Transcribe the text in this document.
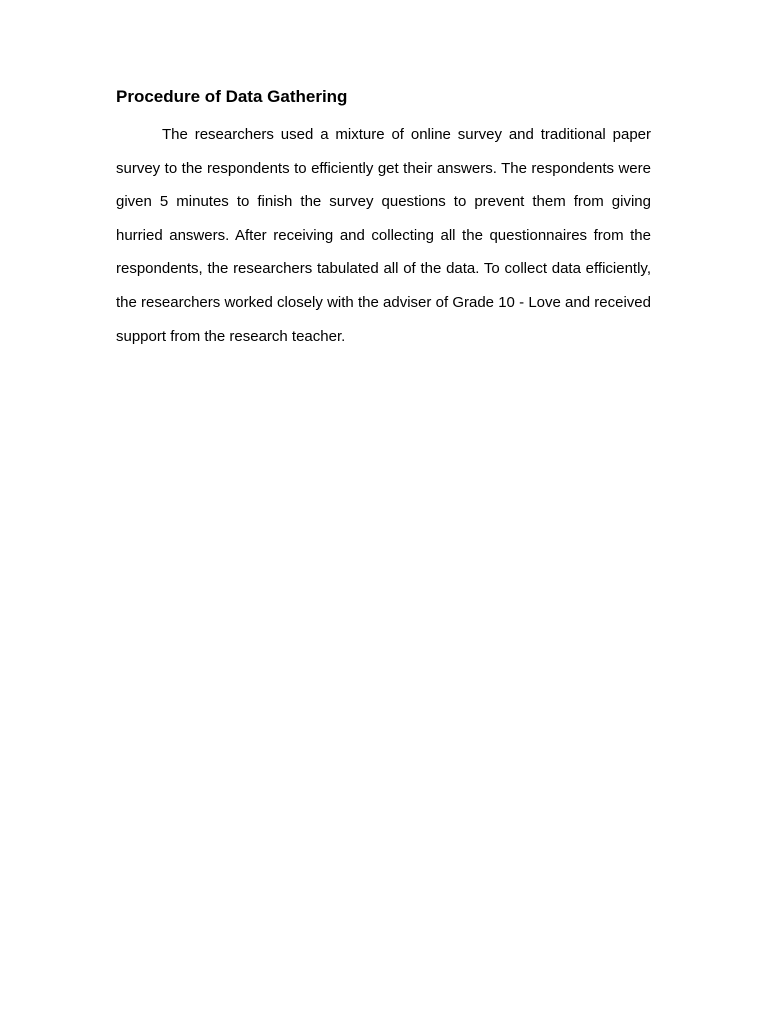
Procedure of Data Gathering

The researchers used a mixture of online survey and traditional paper survey to the respondents to efficiently get their answers. The respondents were given 5 minutes to finish the survey questions to prevent them from giving hurried answers. After receiving and collecting all the questionnaires from the respondents, the researchers tabulated all of the data. To collect data efficiently, the researchers worked closely with the adviser of Grade 10 - Love and received support from the research teacher.
